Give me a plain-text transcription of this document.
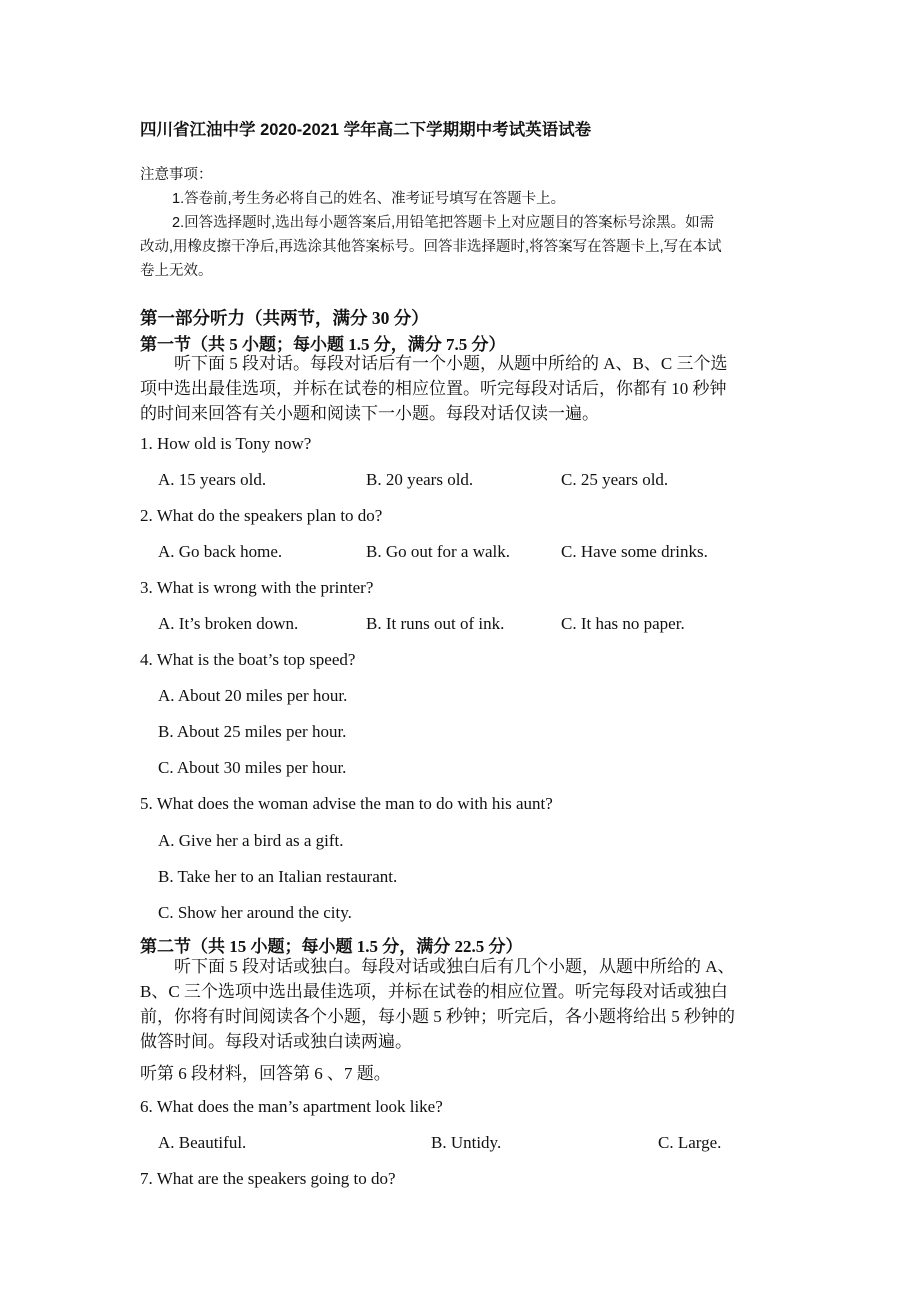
四川省江油中学 2020-2021 学年高二下学期期中考试英语试卷
注意事项：
1.答卷前,考生务必将自己的姓名、准考证号填写在答题卡上。
2.回答选择题时,选出每小题答案后,用铅笔把答题卡上对应题目的答案标号涂黑。如需
改动,用橡皮擦干净后,再选涂其他答案标号。回答非选择题时,将答案写在答题卡上,写在本试
卷上无效。
第一部分听力（共两节，满分 30 分）
第一节（共 5 小题；每小题 1.5 分，满分 7.5 分）
听下面 5 段对话。每段对话后有一个小题，从题中所给的 A、B、C 三个选
项中选出最佳选项，并标在试卷的相应位置。听完每段对话后，你都有 10 秒钟
的时间来回答有关小题和阅读下一小题。每段对话仅读一遍。
1. How old is Tony now?
A. 15 years old.	B. 20 years old.	C. 25 years old.
2. What do the speakers plan to do?
A. Go back home.	B. Go out for a walk.	C. Have some drinks.
3. What is wrong with the printer?
A. It’s broken down.	B. It runs out of ink.	C. It has no paper.
4. What is the boat’s top speed?
A. About 20 miles per hour.
B. About 25 miles per hour.
C. About 30 miles per hour.
5. What does the woman advise the man to do with his aunt?
A. Give her a bird as a gift.
B. Take her to an Italian restaurant.
C. Show her around the city.
第二节（共 15 小题；每小题 1.5 分，满分 22.5 分）
听下面 5 段对话或独白。每段对话或独白后有几个小题，从题中所给的 A、
B、C 三个选项中选出最佳选项，并标在试卷的相应位置。听完每段对话或独白
前，你将有时间阅读各个小题，每小题 5 秒钟；听完后，各小题将给出 5 秒钟的
做答时间。每段对话或独白读两遍。
听第 6 段材料，回答第 6 、7 题。
6. What does the man’s apartment look like?
A. Beautiful.	B. Untidy.	C. Large.
7. What are the speakers going to do?
